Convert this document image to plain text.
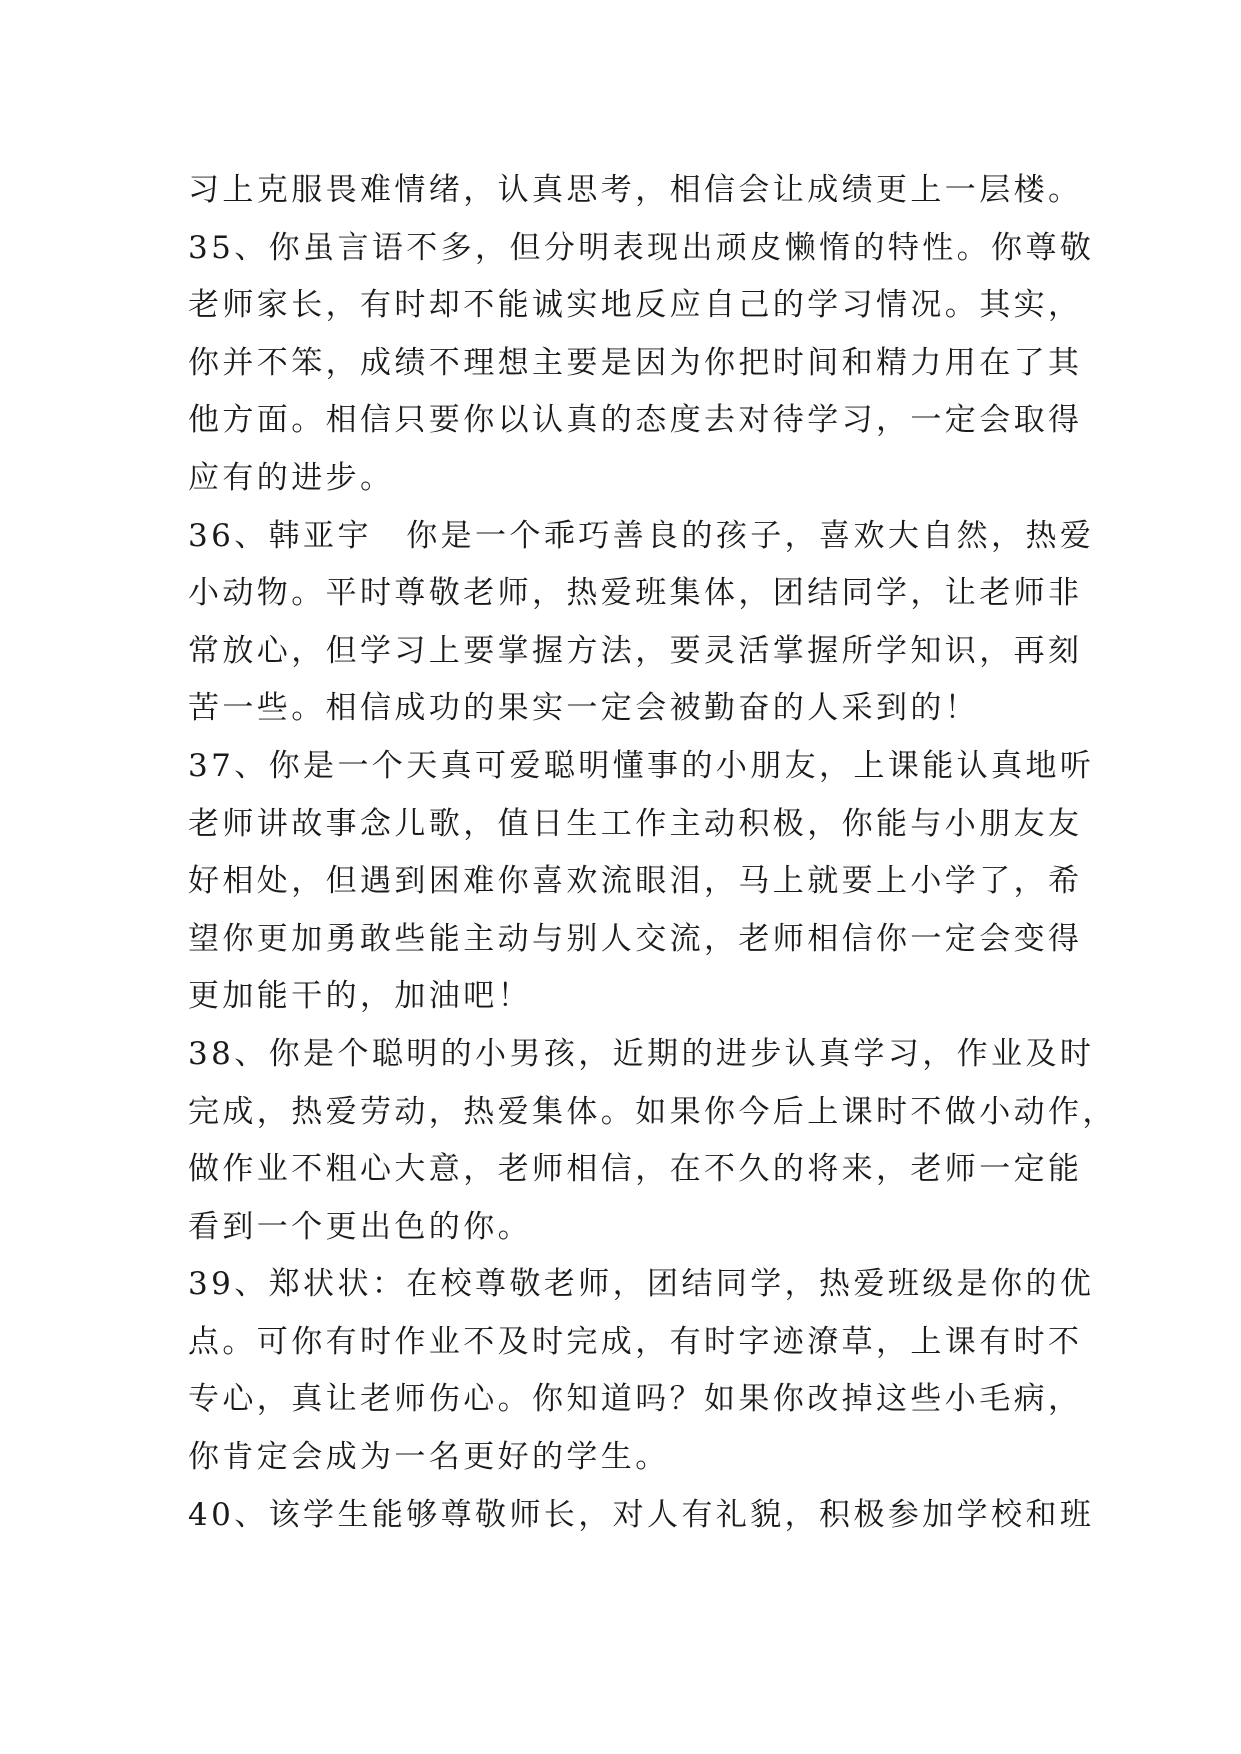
习上克服畏难情绪，认真思考，相信会让成绩更上一层楼。
35、你虽言语不多，但分明表现出顽皮懒惰的特性。你尊敬
老师家长，有时却不能诚实地反应自己的学习情况。其实，
你并不笨，成绩不理想主要是因为你把时间和精力用在了其
他方面。相信只要你以认真的态度去对待学习，一定会取得
应有的进步。
36、韩亚宇　你是一个乖巧善良的孩子，喜欢大自然，热爱
小动物。平时尊敬老师，热爱班集体，团结同学，让老师非
常放心，但学习上要掌握方法，要灵活掌握所学知识，再刻
苦一些。相信成功的果实一定会被勤奋的人采到的！
37、你是一个天真可爱聪明懂事的小朋友，上课能认真地听
老师讲故事念儿歌，值日生工作主动积极，你能与小朋友友
好相处，但遇到困难你喜欢流眼泪，马上就要上小学了，希
望你更加勇敢些能主动与别人交流，老师相信你一定会变得
更加能干的，加油吧！
38、你是个聪明的小男孩，近期的进步认真学习，作业及时
完成，热爱劳动，热爱集体。如果你今后上课时不做小动作，
做作业不粗心大意，老师相信，在不久的将来，老师一定能
看到一个更出色的你。
39、郑状状：在校尊敬老师，团结同学，热爱班级是你的优
点。可你有时作业不及时完成，有时字迹潦草，上课有时不
专心，真让老师伤心。你知道吗？如果你改掉这些小毛病，
你肯定会成为一名更好的学生。
40、该学生能够尊敬师长，对人有礼貌，积极参加学校和班
